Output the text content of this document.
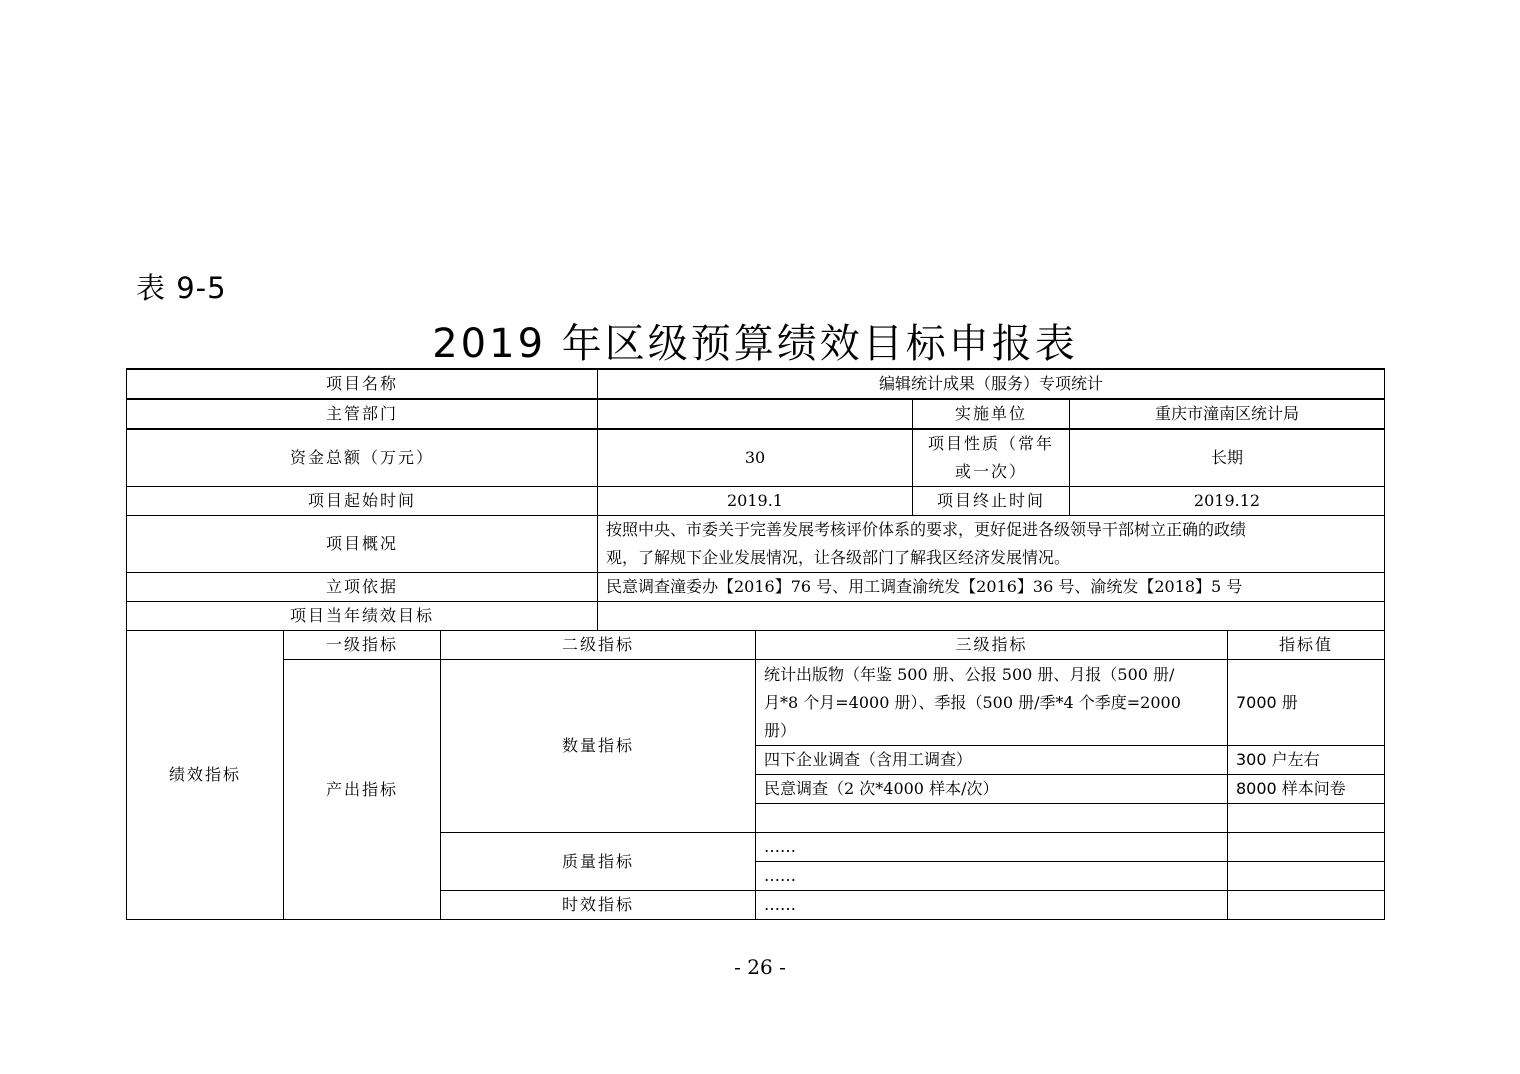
表 9-5
2019 年区级预算绩效目标申报表
项目名称			编辑统计成果（服务）专项统计				
主管部门					实施单位	重庆市潼南区统计局	
资金总额（万元）			30		项目性质（常年
或一次）	长期	
项目起始时间			2019.1		项目终止时间	2019.12	
项目概况			按照中央、市委关于完善发展考核评价体系的要求，更好促进各级领导干部树立正确的政绩
观，了解规下企业发展情况，让各级部门了解我区经济发展情况。				

立项依据			民意调查潼委办【2016】76 号、用工调查渝统发【2016】36 号、渝统发【2018】5 号				
项目当年绩效目标							
绩效指标	一级指标	二级指标		三级指标			指标值
	产出指标	数量指标		统计出版物（年鉴 500 册、公报 500 册、月报（500 册/
月*8 个月=4000 册）、季报（500 册/季*4 个季度=2000
册）			7000 册
				四下企业调查（含用工调查）			300 户左右
				民意调查（2 次*4000 样本/次）			8000 样本问卷

		质量指标		……			
				……			
		时效指标		……			
- 26 -
